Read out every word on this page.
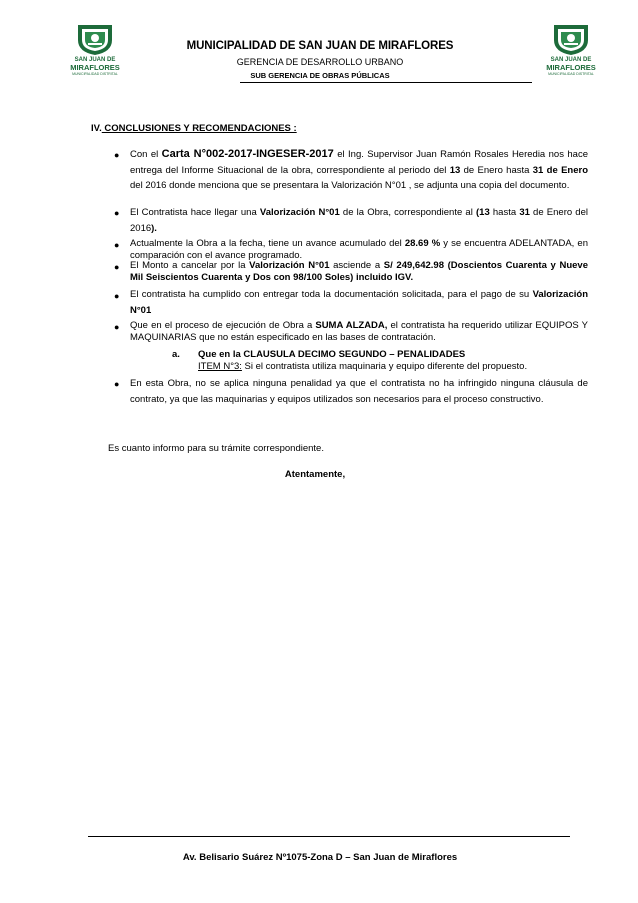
SAN JUAN DE
MIRAFLORES
MUNICIPALIDAD DISTRITAL
SAN JUAN DE
MIRAFLORES
MUNICIPALIDAD DISTRITAL
MUNICIPALIDAD DE SAN JUAN DE MIRAFLORES
GERENCIA DE DESARROLLO URBANO
SUB GERENCIA DE OBRAS PÚBLICAS
IV. CONCLUSIONES Y RECOMENDACIONES :
● Con el Carta N°002-2017-INGESER-2017 el Ing. Supervisor Juan Ramón Rosales Heredia nos hace entrega del Informe Situacional de la obra, correspondiente al periodo del 13 de Enero hasta 31 de Enero del 2016 donde menciona que se presentara la Valorización N°01 , se adjunta una copia del documento.
● El Contratista hace llegar una Valorización N°01 de la Obra, correspondiente al (13 hasta 31 de Enero del 2016).
● Actualmente la Obra a la fecha, tiene un avance acumulado del 28.69 % y se encuentra ADELANTADA, en comparación con el avance programado.
● El Monto a cancelar por la Valorización N°01 asciende a S/ 249,642.98 (Doscientos Cuarenta y Nueve Mil Seiscientos Cuarenta y Dos con 98/100 Soles) incluido IGV.
● El contratista ha cumplido con entregar toda la documentación solicitada, para el pago de su Valorización N°01
● Que en el proceso de ejecución de Obra a SUMA ALZADA, el contratista ha requerido utilizar EQUIPOS Y MAQUINARIAS que no están especificado en las bases de contratación.
a. Que en la CLAUSULA DECIMO SEGUNDO – PENALIDADES
ITEM N°3: Si el contratista utiliza maquinaria y equipo diferente del propuesto.
● En esta Obra, no se aplica ninguna penalidad ya que el contratista no ha infringido ninguna cláusula de contrato, ya que las maquinarias y equipos utilizados son necesarios para el proceso constructivo.
Es cuanto informo para su trámite correspondiente.
Atentamente,
Av. Belisario Suárez Nº1075-Zona D – San Juan de Miraflores
